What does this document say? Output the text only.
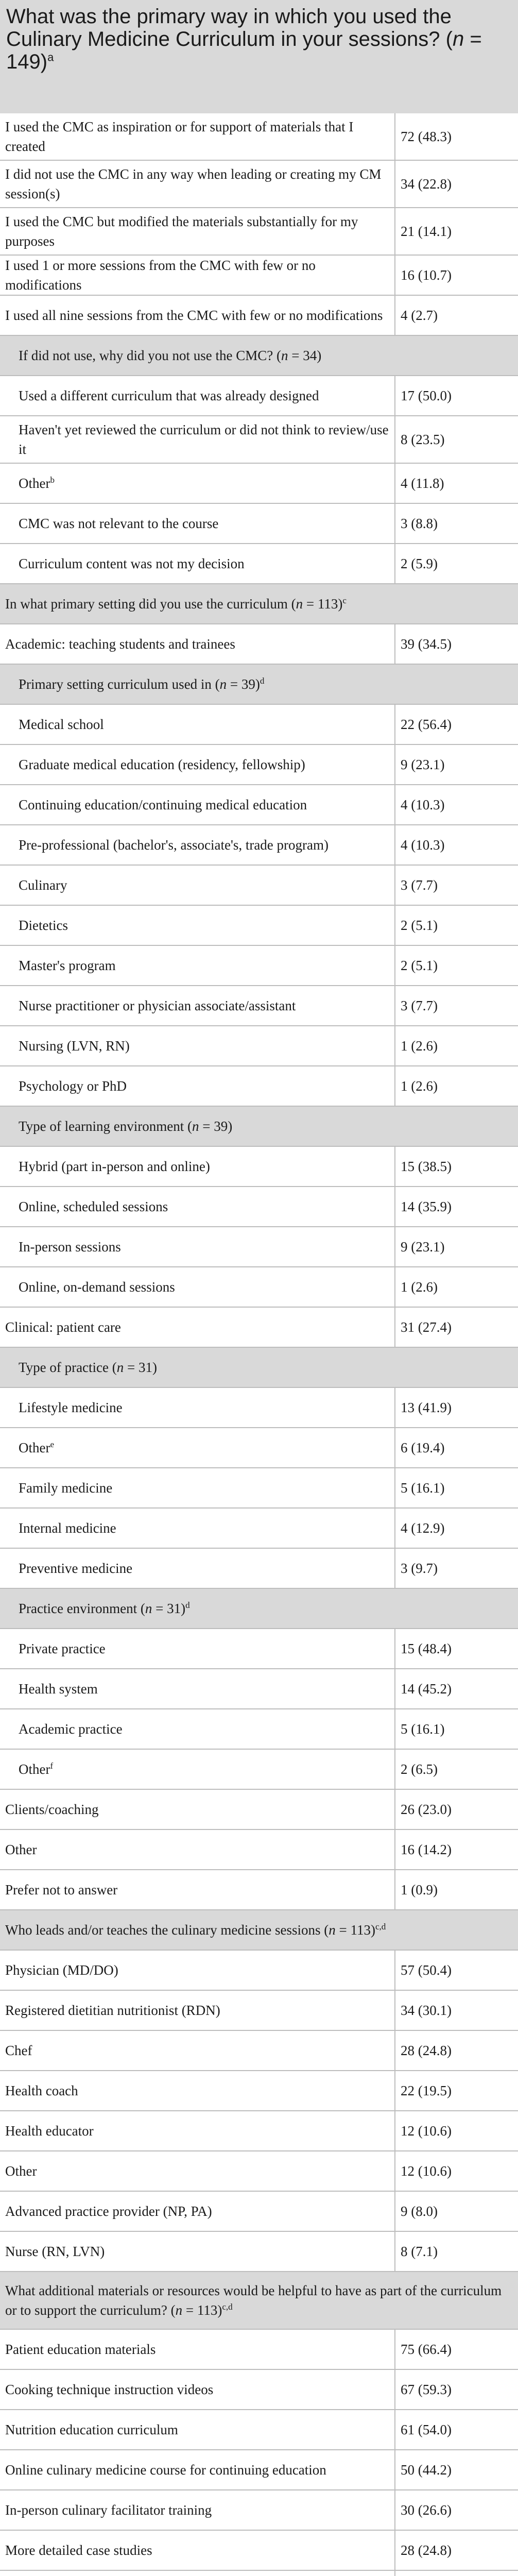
What was the primary way in which you used the Culinary Medicine Curriculum in your sessions? (n = 149)$^a$
I used the CMC as inspiration or for support of materials that I created	72 (48.3)
I did not use the CMC in any way when leading or creating my CM session(s)	34 (22.8)
I used the CMC but modified the materials substantially for my purposes	21 (14.1)
I used 1 or more sessions from the CMC with few or no modifications	16 (10.7)
I used all nine sessions from the CMC with few or no modifications	4 (2.7)
If did not use, why did you not use the CMC? (n = 34)	
Used a different curriculum that was already designed	17 (50.0)
Haven't yet reviewed the curriculum or did not think to review/use it	8 (23.5)
Other$^b$	4 (11.8)
CMC was not relevant to the course	3 (8.8)
Curriculum content was not my decision	2 (5.9)
In what primary setting did you use the curriculum (n = 113)$^c$
Academic: teaching students and trainees	39 (34.5)
Primary setting curriculum used in (n = 39)$^d$
Medical school	22 (56.4)
Graduate medical education (residency, fellowship)	9 (23.1)
Continuing education/continuing medical education	4 (10.3)
Pre-professional (bachelor's, associate's, trade program)	4 (10.3)
Culinary	3 (7.7)
Dietetics	2 (5.1)
Master's program	2 (5.1)
Nurse practitioner or physician associate/assistant	3 (7.7)
Nursing (LVN, RN)	1 (2.6)
Psychology or PhD	1 (2.6)
Type of learning environment (n = 39)	
Hybrid (part in-person and online)	15 (38.5)
Online, scheduled sessions	14 (35.9)
In-person sessions	9 (23.1)
Online, on-demand sessions	1 (2.6)
Clinical: patient care	31 (27.4)
Type of practice (n = 31)	
Lifestyle medicine	13 (41.9)
Other$^e$	6 (19.4)
Family medicine	5 (16.1)
Internal medicine	4 (12.9)
Preventive medicine	3 (9.7)
Practice environment (n = 31)$^d$
Private practice	15 (48.4)
Health system	14 (45.2)
Academic practice	5 (16.1)
Other$^f$	2 (6.5)
Clients/coaching	26 (23.0)
Other	16 (14.2)
Prefer not to answer	1 (0.9)
Who leads and/or teaches the culinary medicine sessions (n = 113)$^{c,d}$
Physician (MD/DO)	57 (50.4)
Registered dietitian nutritionist (RDN)	34 (30.1)
Chef	28 (24.8)
Health coach	22 (19.5)
Health educator	12 (10.6)
Other	12 (10.6)
Advanced practice provider (NP, PA)	9 (8.0)
Nurse (RN, LVN)	8 (7.1)
What additional materials or resources would be helpful to have as part of the curriculum or to support the curriculum? (n = 113)$^{c,d}$
Patient education materials	75 (66.4)
Cooking technique instruction videos	67 (59.3)
Nutrition education curriculum	61 (54.0)
Online culinary medicine course for continuing education	50 (44.2)
In-person culinary facilitator training	30 (26.6)
More detailed case studies	28 (24.8)
